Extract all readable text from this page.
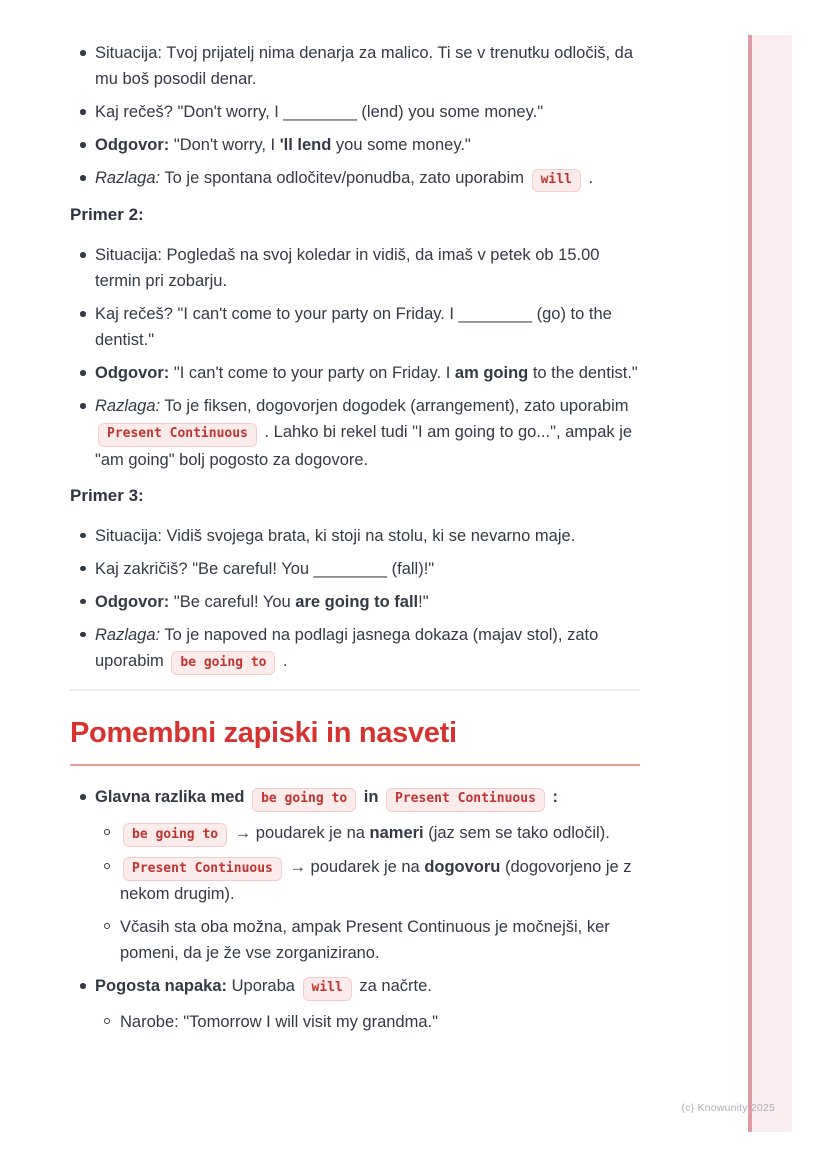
Situacija: Tvoj prijatelj nima denarja za malico. Ti se v trenutku odločiš, da mu boš posodil denar.
Kaj rečeš? "Don't worry, I ________ (lend) you some money."
Odgovor: "Don't worry, I 'll lend you some money."
Razlaga: To je spontana odločitev/ponudba, zato uporabim will .

Primer 2:

Situacija: Pogledaš na svoj koledar in vidiš, da imaš v petek ob 15.00 termin pri zobarju.
Kaj rečeš? "I can't come to your party on Friday. I ________ (go) to the dentist."
Odgovor: "I can't come to your party on Friday. I am going to the dentist."
Razlaga: To je fiksen, dogovorjen dogodek (arrangement), zato uporabim Present Continuous . Lahko bi rekel tudi "I am going to go...", ampak je "am going" bolj pogosto za dogovore.

Primer 3:

Situacija: Vidiš svojega brata, ki stoji na stolu, ki se nevarno maje.
Kaj zakričiš? "Be careful! You ________ (fall)!"
Odgovor: "Be careful! You are going to fall!"
Razlaga: To je napoved na podlagi jasnega dokaza (majav stol), zato uporabim be going to .
Pomembni zapiski in nasveti
Glavna razlika med be going to in Present Continuous :
be going to → poudarek je na nameri (jaz sem se tako odločil).
Present Continuous → poudarek je na dogovoru (dogovorjeno je z nekom drugim).
Včasih sta oba možna, ampak Present Continuous je močnejši, ker pomeni, da je že vse zorganizirano.
Pogosta napaka: Uporaba will za načrte.
Narobe: "Tomorrow I will visit my grandma."
(c) Knowunity 2025
